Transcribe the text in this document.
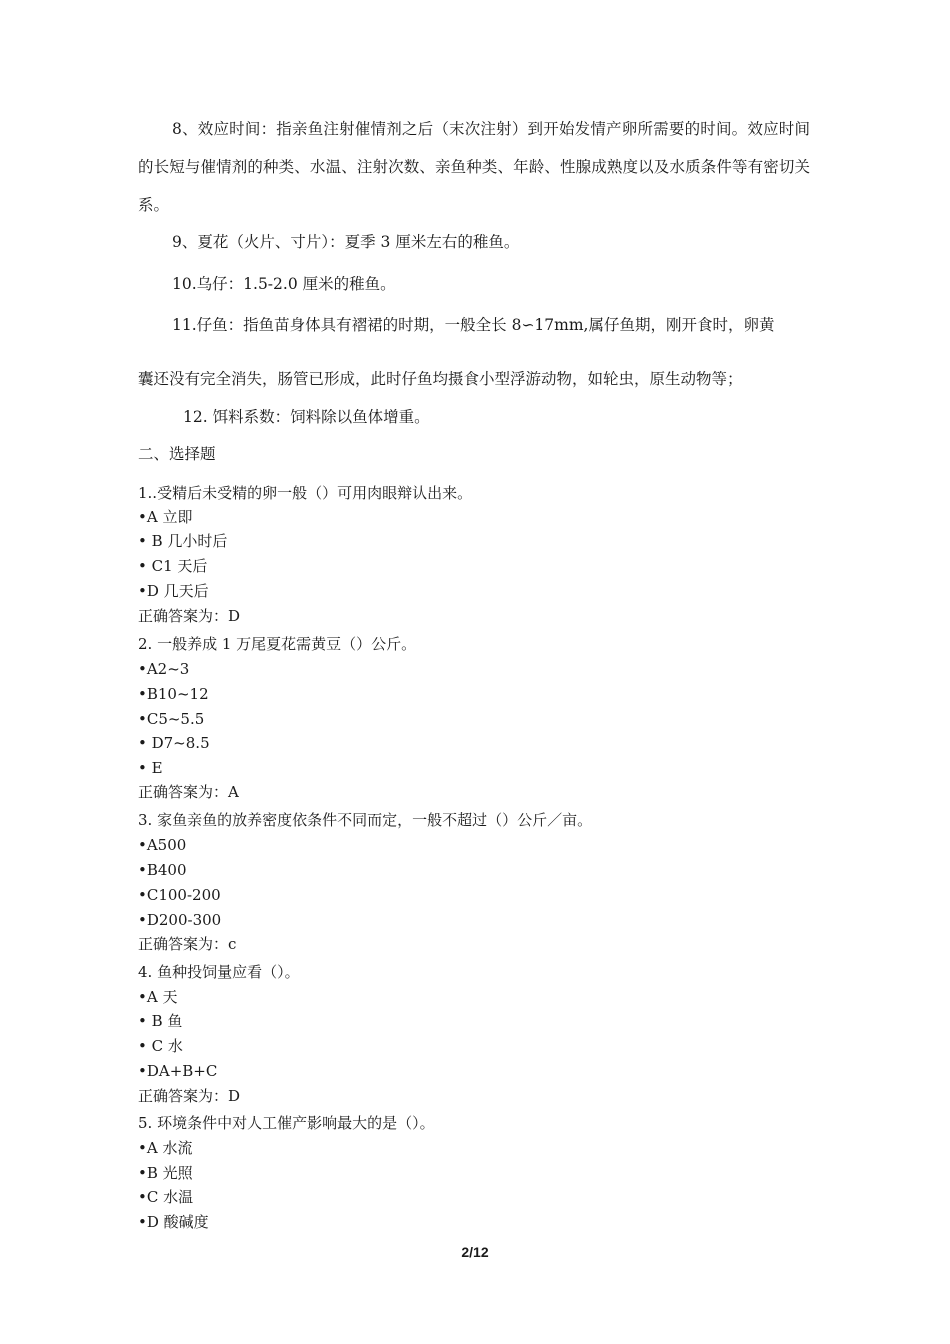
8、效应时间：指亲鱼注射催情剂之后（末次注射）到开始发情产卵所需要的时间。效应时间的长短与催情剂的种类、水温、注射次数、亲鱼种类、年龄、性腺成熟度以及水质条件等有密切关系。
9、夏花（火片、寸片）：夏季 3 厘米左右的稚鱼。
10.乌仔：1.5-2.0 厘米的稚鱼。
11.仔鱼：指鱼苗身体具有褶裙的时期，一般全长 8∽17mm,属仔鱼期，刚开食时，卵黄
囊还没有完全消失，肠管已形成，此时仔鱼均摄食小型浮游动物，如轮虫，原生动物等；
12. 饵料系数：饲料除以鱼体增重。
二、选择题
1..受精后未受精的卵一般（）可用肉眼辩认出来。
•A 立即
• B 几小时后
• C1 天后
•D 几天后
正确答案为：D
2. 一般养成 1 万尾夏花需黄豆（）公斤。
•A2~3
•B10~12
•C5~5.5
• D7~8.5
• E
正确答案为：A
3. 家鱼亲鱼的放养密度依条件不同而定，一般不超过（）公斤／亩。
•A500
•B400
•C100-200
•D200-300
正确答案为：c
4. 鱼种投饲量应看（）。
•A 天
• B 鱼
• C 水
•DA+B+C
正确答案为：D
5. 环境条件中对人工催产影响最大的是（）。
•A 水流
•B 光照
•C 水温
•D 酸碱度
2/12
